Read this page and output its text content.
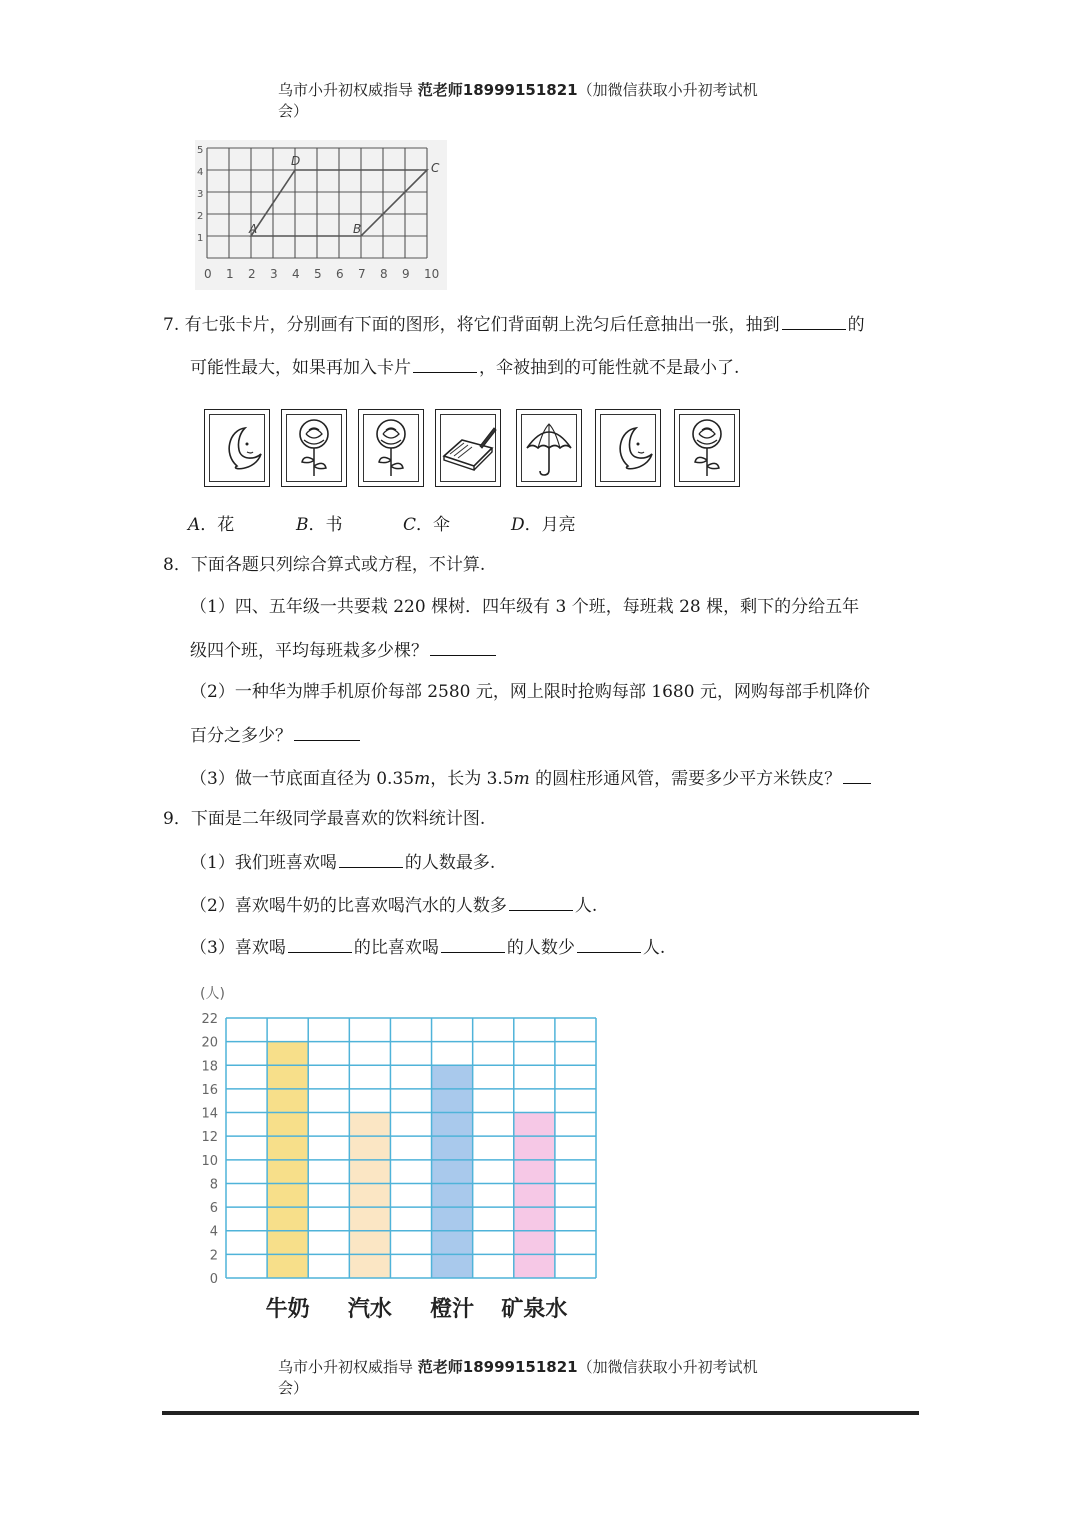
乌市小升初权威指导 范老师18999151821（加微信获取小升初考试机
会）
0 1 2 3 4 5 6 7 8 9 10
1
2
3
4
5
A	B
C
D
7. 有七张卡片，分别画有下面的图形，将它们背面朝上洗匀后任意抽出一张，抽到	的
可能性最大，如果再加入卡片	，伞被抽到的可能性就不是最小了.
A．花	B．书	C．伞	D．月亮
8．下面各题只列综合算式或方程，不计算.
（1）四、五年级一共要栽 220 棵树．四年级有 3 个班，每班栽 28 棵，剩下的分给五年
级四个班，平均每班栽多少棵？
（2）一种华为牌手机原价每部 2580 元，网上限时抢购每部 1680 元，网购每部手机降价
百分之多少？
（3）做一节底面直径为 0.35m，长为 3.5m 的圆柱形通风管，需要多少平方米铁皮？
9．下面是二年级同学最喜欢的饮料统计图.
（1）我们班喜欢喝	的人数最多.
（2）喜欢喝牛奶的比喜欢喝汽水的人数多	人.
（3）喜欢喝	的比喜欢喝	的人数少	人.
(人)
0
2
4
6
8
10
12
14
16
18
20
22
牛奶 汽水 橙汁 矿泉水
乌市小升初权威指导 范老师18999151821（加微信获取小升初考试机
会）
